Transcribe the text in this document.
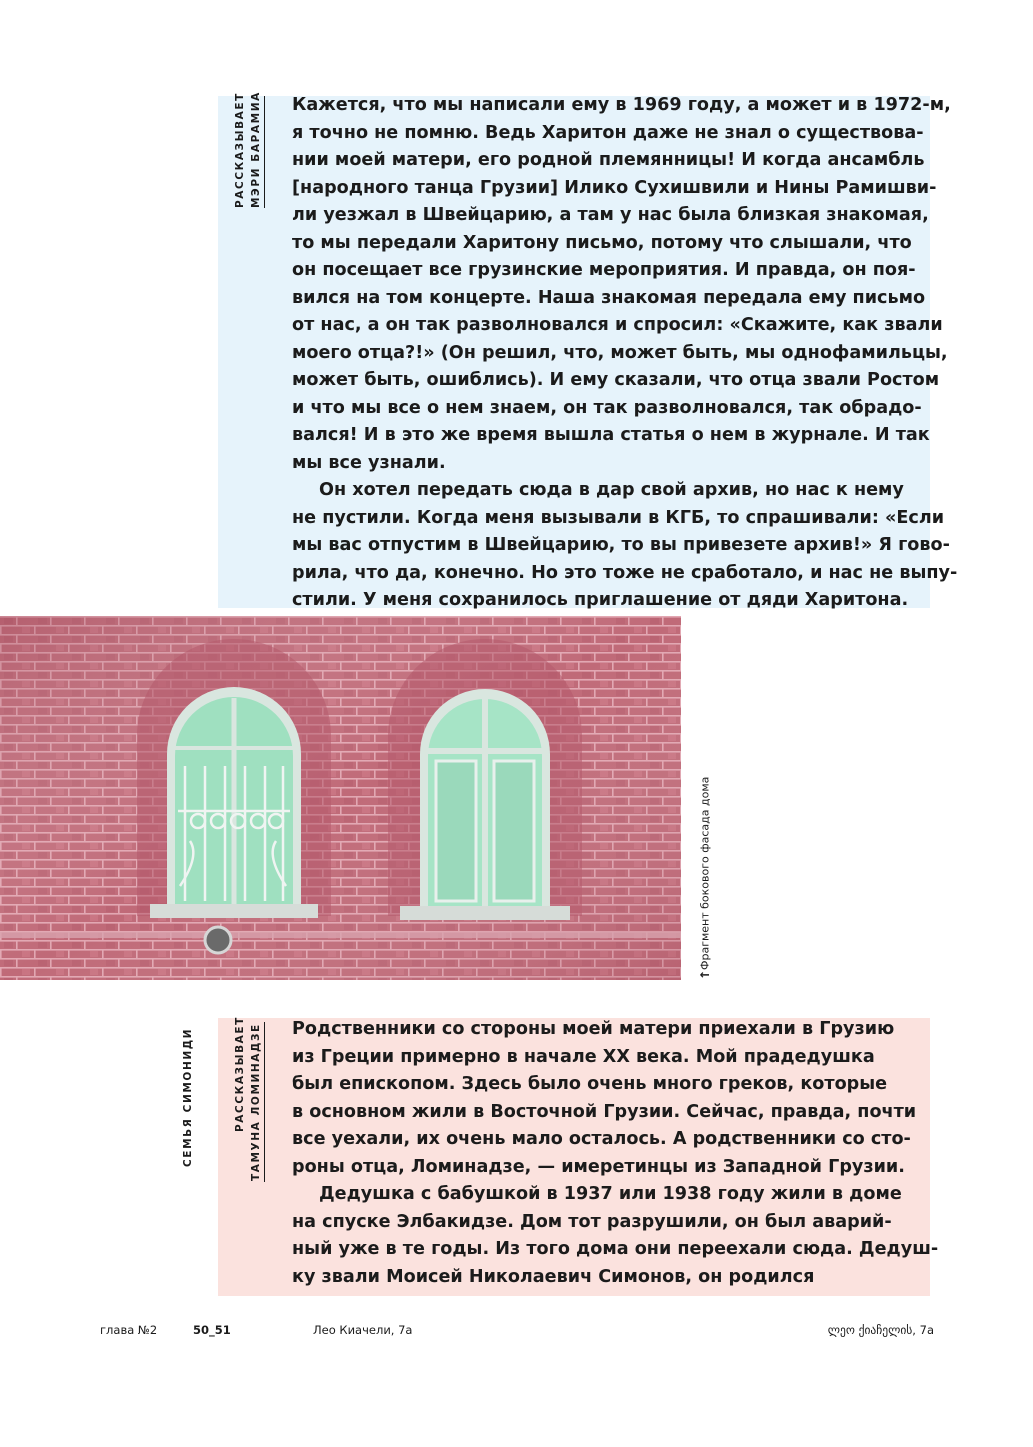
РАССКАЗЫВАЕТ МЭРИ БАРАМИА Кажется, что мы написали ему в 1969 году, а может и в 1972-м,
я точно не помню. Ведь Харитон даже не знал о существова-
нии моей матери, его родной племянницы! И когда ансамбль
[народного танца Грузии] Илико Сухишвили и Нины Рамишви-
ли уезжал в Швейцарию, а там у нас была близкая знакомая,
то мы передали Харитону письмо, потому что слышали, что
он посещает все грузинские мероприятия. И правда, он поя-
вился на том концерте. Наша знакомая передала ему письмо
от нас, а он так разволновался и спросил: «Скажите, как звали
моего отца?!» (Он решил, что, может быть, мы однофамильцы,
может быть, ошиблись). И ему сказали, что отца звали Ростом
и что мы все о нем знаем, он так разволновался, так обрадо-
вался! И в это же время вышла статья о нем в журнале. И так
мы все узнали.
Он хотел передать сюда в дар свой архив, но нас к нему
не пустили. Когда меня вызывали в КГБ, то спрашивали: «Если
мы вас отпустим в Швейцарию, то вы привезете архив!» Я гово-
рила, что да, конечно. Но это тоже не сработало, и нас не выпу-
стили. У меня сохранилось приглашение от дяди Харитона.
↑
Фрагмент бокового фасада дома
СЕМЬЯ СИМОНИДИ	РАССКАЗЫВАЕТ ТАМУНА ЛОМИНАДЗЕ Родственники со стороны моей матери приехали в Грузию
из Греции примерно в начале XX века. Мой прадедушка
был епископом. Здесь было очень много греков, которые
в основном жили в Восточной Грузии. Сейчас, правда, почти
все уехали, их очень мало осталось. А родственники со сто-
роны отца, Ломинадзе, — имеретинцы из Западной Грузии.
Дедушка с бабушкой в 1937 или 1938 году жили в доме
на спуске Элбакидзе. Дом тот разрушили, он был аварий-
ный уже в те годы. Из того дома они переехали сюда. Дедуш-
ку звали Моисей Николаевич Симонов, он родился
глава №2	50_51	Лео Киачели, 7а	ლეო ქიაჩელის, 7а
